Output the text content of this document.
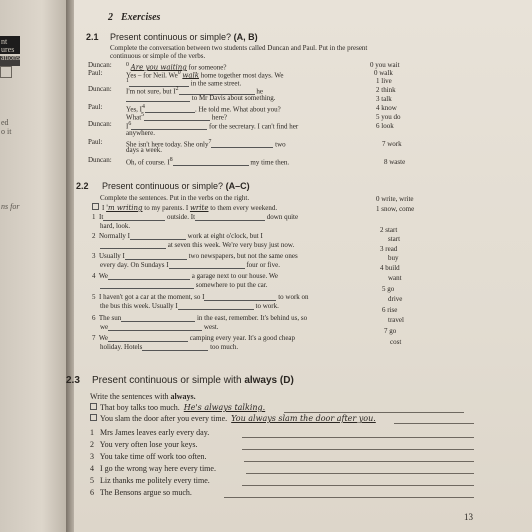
nt
ures
ations
ed
o it
ns for
2 Exercises
2.1 Present continuous or simple? (A, B)
Complete the conversation between two students called Duncan and Paul. Put in the present
continuous or simple of the verbs.
Duncan: $^0$ Are you waiting for someone?
Paul:	Yes – for Neil. We$^0$ walk home together most days. We
$^1$	in the same street.
Duncan: I'm not sure, but $I^2$	he
to Mr Davis about something.
Paul:	Yes, $I^4$	. He told me. What about you?
What$^5$	here?
Duncan: $I^6$	for the secretary. I can't find her
anywhere.
Paul:	She isn't here today. She only$^7$	two
days a week.
Duncan: Oh, of course. $I^8$	my time then.
0 you wait
0 walk
1 live
2 think
3 talk
4 know
5 you do
6 look
7 work
8 waste
2.2 Present continuous or simple? (A–C)
Complete the sentences. Put in the verbs on the right.
I 'm writing to my parents. I write to them every weekend.
1 It	outside. It	down quite
hard, look.
2 Normally I	work at eight o'clock, but I
at seven this week. We're very busy just now.
3 Usually I	two newspapers, but not the same ones
every day. On Sundays I	four or five.
4 We	a garage next to our house. We
somewhere to put the car.
5 I haven't got a car at the moment, so I	to work on
the bus this week. Usually I	to work.
6 The sun	in the east, remember. It's behind us, so
we	west.
7 We	camping every year. It's a good cheap
holiday. Hotels	too much.
0 write, write
1 snow, come
2 start
start
3 read
buy
4 build
want
5 go
drive
6 rise
travel
7 go
cost
2.3 Present continuous or simple with always (D)
Write the sentences with always.
That boy talks too much. He's always talking.
You slam the door after you every time. You always slam the door after you.
1 Mrs James leaves early every day.
2 You very often lose your keys.
3 You take time off work too often.
4 I go the wrong way here every time.
5 Liz thanks me politely every time.
6 The Bensons argue so much.
13
